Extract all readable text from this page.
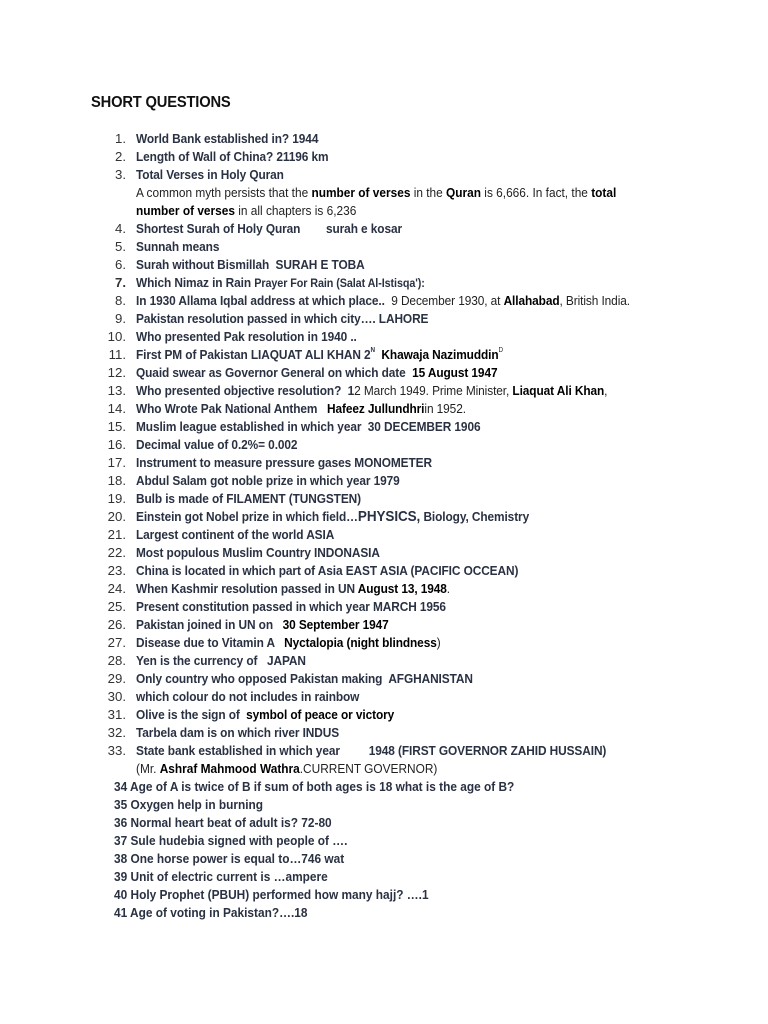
SHORT QUESTIONS
1. World Bank established in? 1944
2. Length of Wall of China? 21196 km
3. Total Verses in Holy Quran
A common myth persists that the number of verses in the Quran is 6,666. In fact, the total
number of verses in all chapters is 6,236
4. Shortest Surah of Holy Quran        surah e kosar
5. Sunnah means
6. Surah without Bismillah  SURAH E TOBA
7. Which Nimaz in Rain Prayer For Rain (Salat Al-Istisqa'):
8. In 1930 Allama Iqbal address at which place..  9 December 1930, at Allahabad, British India.
9. Pakistan resolution passed in which city…. LAHORE
10. Who presented Pak resolution in 1940 ..
11. First PM of Pakistan LIAQUAT ALI KHAN $2^N$  Khawaja Nazimuddin$^D$
12. Quaid swear as Governor General on which date  15 August 1947
13. Who presented objective resolution?  12 March 1949. Prime Minister, Liaquat Ali Khan,
14. Who Wrote Pak National Anthem   Hafeez Jullundhriin 1952.
15. Muslim league established in which year  30 DECEMBER 1906
16. Decimal value of 0.2%= 0.002
17. Instrument to measure pressure gases MONOMETER
18. Abdul Salam got noble prize in which year 1979
19. Bulb is made of FILAMENT (TUNGSTEN)
20. Einstein got Nobel prize in which field…PHYSICS, Biology, Chemistry
21. Largest continent of the world ASIA
22. Most populous Muslim Country INDONASIA
23. China is located in which part of Asia EAST ASIA (PACIFIC OCCEAN)
24. When Kashmir resolution passed in UN August 13, 1948.
25. Present constitution passed in which year MARCH 1956
26. Pakistan joined in UN on   30 September 1947
27. Disease due to Vitamin A   Nyctalopia (night blindness)
28. Yen is the currency of   JAPAN
29. Only country who opposed Pakistan making  AFGHANISTAN
30. which colour do not includes in rainbow
31. Olive is the sign of  symbol of peace or victory
32. Tarbela dam is on which river INDUS
33. State bank established in which year         1948 (FIRST GOVERNOR ZAHID HUSSAIN)
(Mr. Ashraf Mahmood Wathra.CURRENT GOVERNOR)
34 Age of A is twice of B if sum of both ages is 18 what is the age of B?
35 Oxygen help in burning
36 Normal heart beat of adult is? 72-80
37 Sule hudebia signed with people of ….
38 One horse power is equal to…746 wat
39 Unit of electric current is …ampere
40 Holy Prophet (PBUH) performed how many hajj? ….1
41 Age of voting in Pakistan?….18
